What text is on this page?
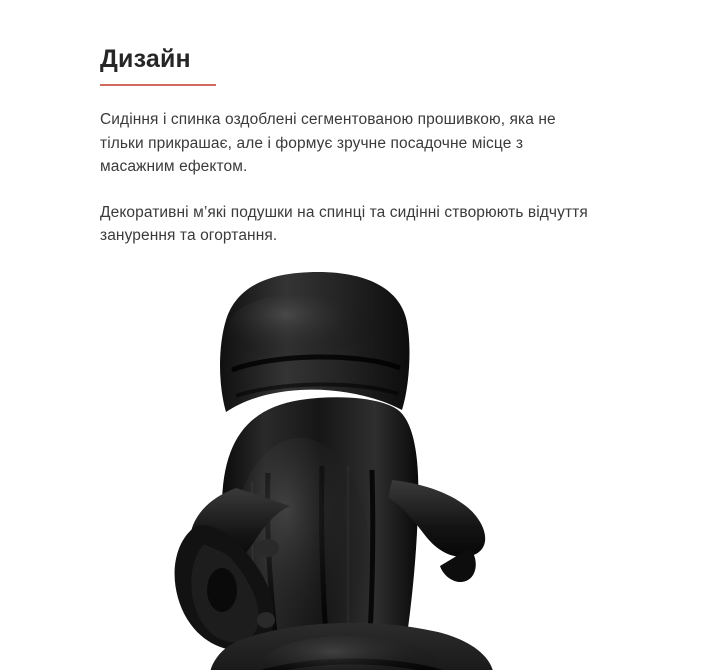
Дизайн

Сидіння і спинка оздоблені сегментованою прошивкою, яка не тільки прикрашає, але і формує зручне посадочне місце з масажним ефектом.

Декоративні м’які подушки на спинці та сидінні створюють відчуття занурення та огортання.
